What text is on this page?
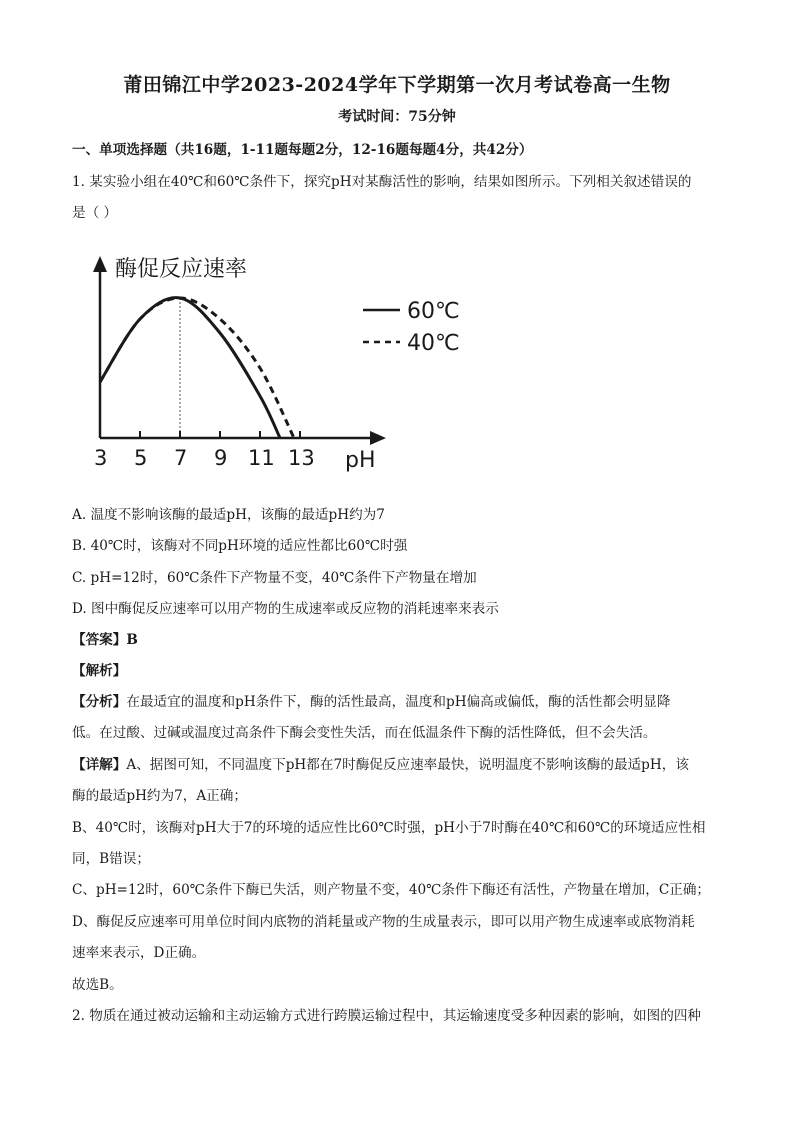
莆田锦江中学2023-2024学年下学期第一次月考试卷高一生物
考试时间：75分钟
一、单项选择题（共16题，1-11题每题2分，12-16题每题4分，共42分）
1. 某实验小组在40℃和60℃条件下，探究pH对某酶活性的影响，结果如图所示。下列相关叙述错误的
是（ ）
酶促反应速率
3 5 7 9 11 13 pH
60℃
40℃
A. 温度不影响该酶的最适pH，该酶的最适pH约为7
B. 40℃时，该酶对不同pH环境的适应性都比60℃时强
C. pH=12时，60℃条件下产物量不变，40℃条件下产物量在增加
D. 图中酶促反应速率可以用产物的生成速率或反应物的消耗速率来表示
【答案】B
【解析】
【分析】在最适宜的温度和pH条件下，酶的活性最高，温度和pH偏高或偏低，酶的活性都会明显降
低。在过酸、过碱或温度过高条件下酶会变性失活，而在低温条件下酶的活性降低，但不会失活。
【详解】A、据图可知，不同温度下pH都在7时酶促反应速率最快，说明温度不影响该酶的最适pH，该
酶的最适pH约为7，A正确；
B、40℃时，该酶对pH大于7的环境的适应性比60℃时强，pH小于7时酶在40℃和60℃的环境适应性相
同，B错误；
C、pH=12时，60℃条件下酶已失活，则产物量不变，40℃条件下酶还有活性，产物量在增加，C正确；
D、酶促反应速率可用单位时间内底物的消耗量或产物的生成量表示，即可以用产物生成速率或底物消耗
速率来表示，D正确。
故选B。
2. 物质在通过被动运输和主动运输方式进行跨膜运输过程中，其运输速度受多种因素的影响，如图的四种
